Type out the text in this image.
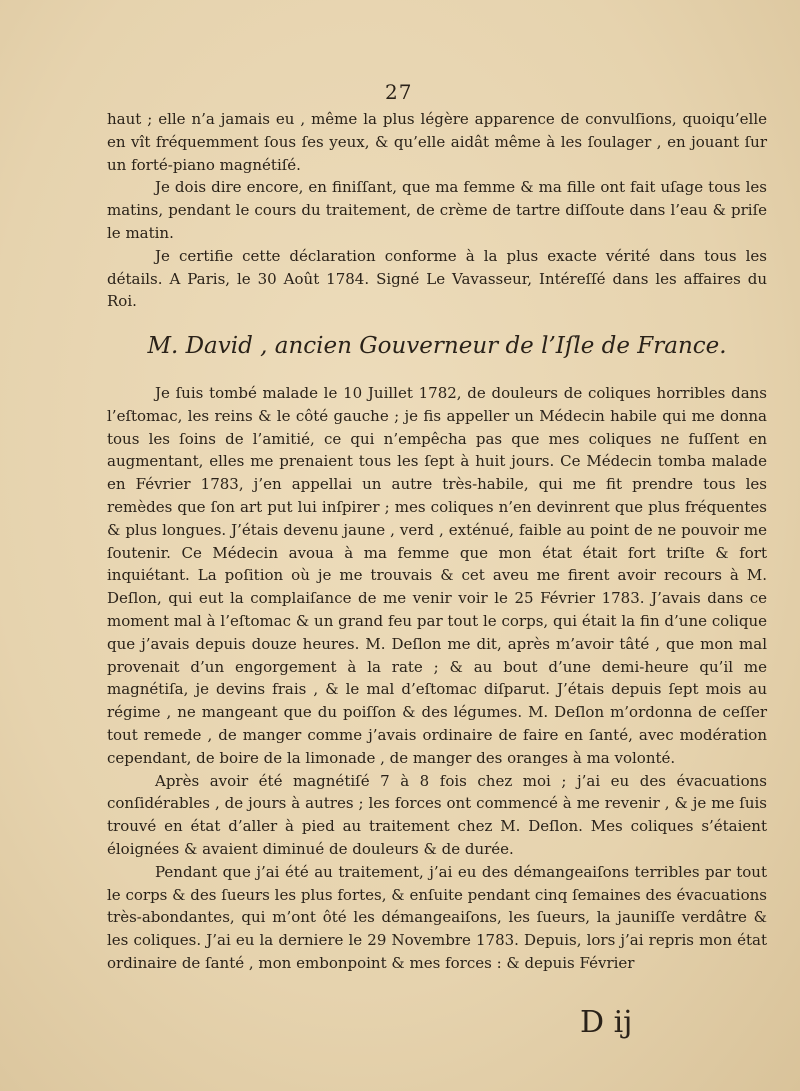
27

haut ; elle n’a jamais eu , même la plus légère apparence de convulſions, quoiqu’elle en vît fréquemment ſous ſes yeux, & qu’elle aidât même à les ſoulager , en jouant ſur un forté-piano magnétiſé.

Je dois dire encore, en finiſſant, que ma femme & ma fille ont fait uſage tous les matins, pendant le cours du traitement, de crème de tartre diſſoute dans l’eau & priſe le matin.

Je certifie cette déclaration conforme à la plus exacte vérité dans tous les détails. A Paris, le 30 Août 1784. Signé Le Vavasseur, Intéreſſé dans les affaires du Roi.

M. David , ancien Gouverneur de l’Iſle de France.

Je ſuis tombé malade le 10 Juillet 1782, de douleurs de coliques horribles dans l’eſtomac, les reins & le côté gauche ; je fis appeller un Médecin habile qui me donna tous les ſoins de l’amitié, ce qui n’empêcha pas que mes coliques ne fuſſent en augmentant, elles me prenaient tous les ſept à huit jours. Ce Médecin tomba malade en Février 1783, j’en appellai un autre très-habile, qui me fit prendre tous les remèdes que ſon art put lui inſpirer ; mes coliques n’en devinrent que plus fréquentes & plus longues. J’étais devenu jaune , verd , exténué, faible au point de ne pouvoir me ſoutenir. Ce Médecin avoua à ma femme que mon état était fort triſte & fort inquiétant. La poſition où je me trouvais & cet aveu me firent avoir recours à M. Deſlon, qui eut la complaiſance de me venir voir le 25 Février 1783. J’avais dans ce moment mal à l’eſtomac & un grand feu par tout le corps, qui était la fin d’une colique que j’avais depuis douze heures. M. Deſlon me dit, après m’avoir tâté , que mon mal provenait d’un engorgement à la rate ; & au bout d’une demi-heure qu’il me magnétiſa, je devins frais , & le mal d’eſtomac diſparut. J’étais depuis ſept mois au régime , ne mangeant que du poiſſon & des légumes. M. Deſlon m’ordonna de ceſſer tout remede , de manger comme j’avais ordinaire de faire en ſanté, avec modération cependant, de boire de la limonade , de manger des oranges à ma volonté.

Après avoir été magnétiſé 7 à 8 fois chez moi ; j’ai eu des évacuations conſidérables , de jours à autres ; les forces ont commencé à me revenir , & je me ſuis trouvé en état d’aller à pied au traitement chez M. Deſlon. Mes coliques s’étaient éloignées & avaient diminué de douleurs & de durée.

Pendant que j’ai été au traitement, j’ai eu des démangeaiſons terribles par tout le corps & des ſueurs les plus fortes, & enſuite pendant cinq ſemaines des évacuations très-abondantes, qui m’ont ôté les démangeaiſons, les ſueurs, la jauniſſe verdâtre & les coliques. J’ai eu la derniere le 29 Novembre 1783. Depuis, lors j’ai repris mon état ordinaire de ſanté , mon embonpoint & mes forces : & depuis Février

D ij
